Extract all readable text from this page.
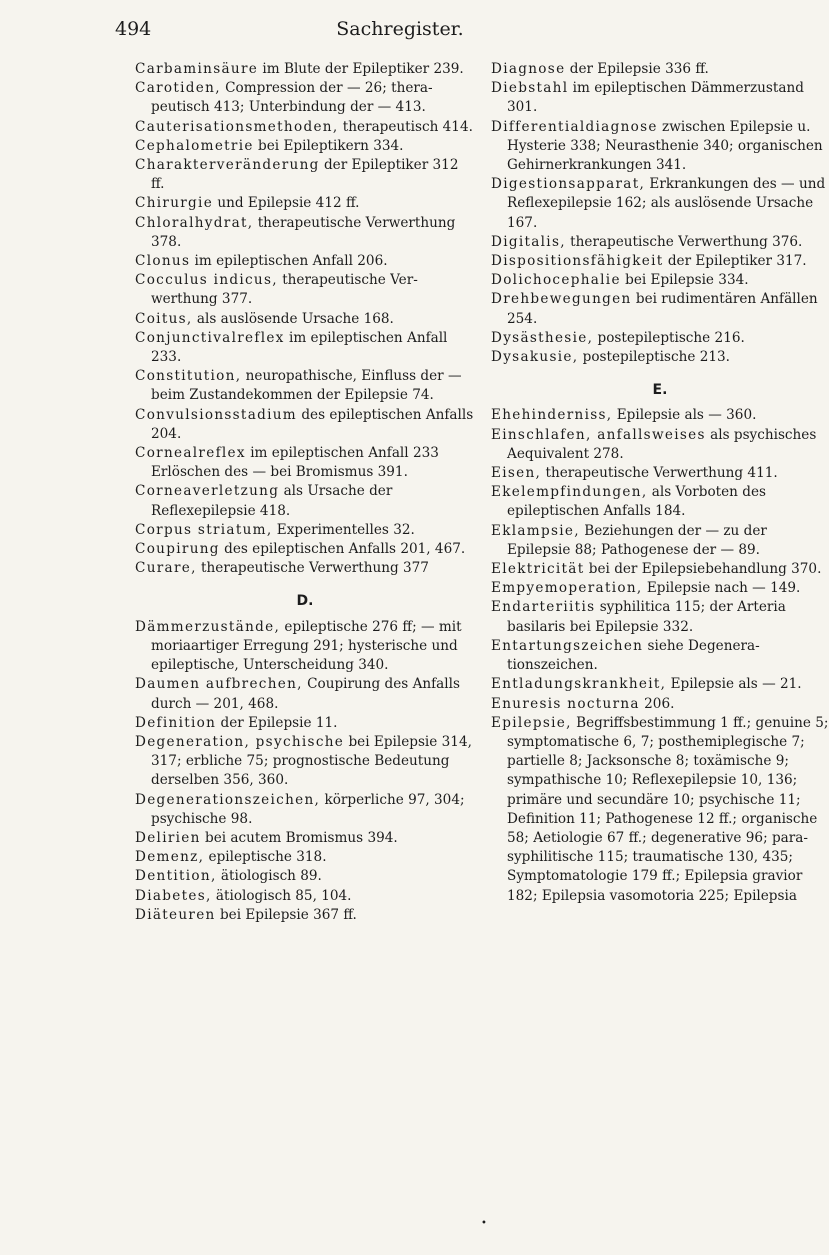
494	Sachregister.

Carbaminsäure im Blute der Epileptiker 239.

Carotiden, Compression der — 26; therapeutisch 413; Unterbindung der — 413.

Cauterisationsmethoden, therapeutisch 414.

Cephalometrie bei Epileptikern 334.

Charakterveränderung der Epileptiker 312 ff.

Chirurgie und Epilepsie 412 ff.

Chloralhydrat, therapeutische Verwerthung 378.

Clonus im epileptischen Anfall 206.

Cocculus indicus, therapeutische Verwerthung 377.

Coitus, als auslösende Ursache 168.

Conjunctivalreflex im epileptischen Anfall 233.

Constitution, neuropathische, Einfluss der — beim Zustandekommen der Epilepsie 74.

Convulsionsstadium des epileptischen Anfalls 204.

Cornealreflex im epileptischen Anfall 233 Erlöschen des — bei Bromismus 391.

Corneaverletzung als Ursache der Reflexepilepsie 418.

Corpus striatum, Experimentelles 32.

Coupirung des epileptischen Anfalls 201, 467.

Curare, therapeutische Verwerthung 377

D.

Dämmerzustände, epileptische 276 ff; — mit moriaartiger Erregung 291; hysterische und epileptische, Unterscheidung 340.

Daumen aufbrechen, Coupirung des Anfalls durch — 201, 468.

Definition der Epilepsie 11.

Degeneration, psychische bei Epilepsie 314, 317; erbliche 75; prognostische Bedeutung derselben 356, 360.

Degenerationszeichen, körperliche 97, 304; psychische 98.

Delirien bei acutem Bromismus 394.

Demenz, epileptische 318.

Dentition, ätiologisch 89.

Diabetes, ätiologisch 85, 104.

Diäteuren bei Epilepsie 367 ff.

Diagnose der Epilepsie 336 ff.

Diebstahl im epileptischen Dämmerzustand 301.

Differentialdiagnose zwischen Epilepsie u. Hysterie 338; Neurasthenie 340; organischen Gehirnerkrankungen 341.

Digestionsapparat, Erkrankungen des — und Reflexepilepsie 162; als auslösende Ursache 167.

Digitalis, therapeutische Verwerthung 376.

Dispositionsfähigkeit der Epileptiker 317.

Dolichocephalie bei Epilepsie 334.

Drehbewegungen bei rudimentären Anfällen 254.

Dysästhesie, postepileptische 216.

Dysakusie, postepileptische 213.

E.

Ehehinderniss, Epilepsie als — 360.

Einschlafen, anfallsweises als psychisches Aequivalent 278.

Eisen, therapeutische Verwerthung 411.

Ekelempfindungen, als Vorboten des epileptischen Anfalls 184.

Eklampsie, Beziehungen der — zu der Epilepsie 88; Pathogenese der — 89.

Elektricität bei der Epilepsiebehandlung 370.

Empyemoperation, Epilepsie nach — 149.

Endarteriitis syphilitica 115; der Arteria basilaris bei Epilepsie 332.

Entartungszeichen siehe Degenerationszeichen.

Entladungskrankheit, Epilepsie als — 21.

Enuresis nocturna 206.

Epilepsie, Begriffsbestimmung 1 ff.; genuine 5; symptomatische 6, 7; posthemiplegische 7; partielle 8; Jacksonsche 8; toxämische 9; sympathische 10; Reflexepilepsie 10, 136; primäre und secundäre 10; psychische 11; Definition 11; Pathogenese 12 ff.; organische 58; Aetiologie 67 ff.; degenerative 96; parasyphilitische 115; traumatische 130, 435; Symptomatologie 179 ff.; Epilepsia gravior 182; Epilepsia vasomotoria 225; Epilepsia

•
